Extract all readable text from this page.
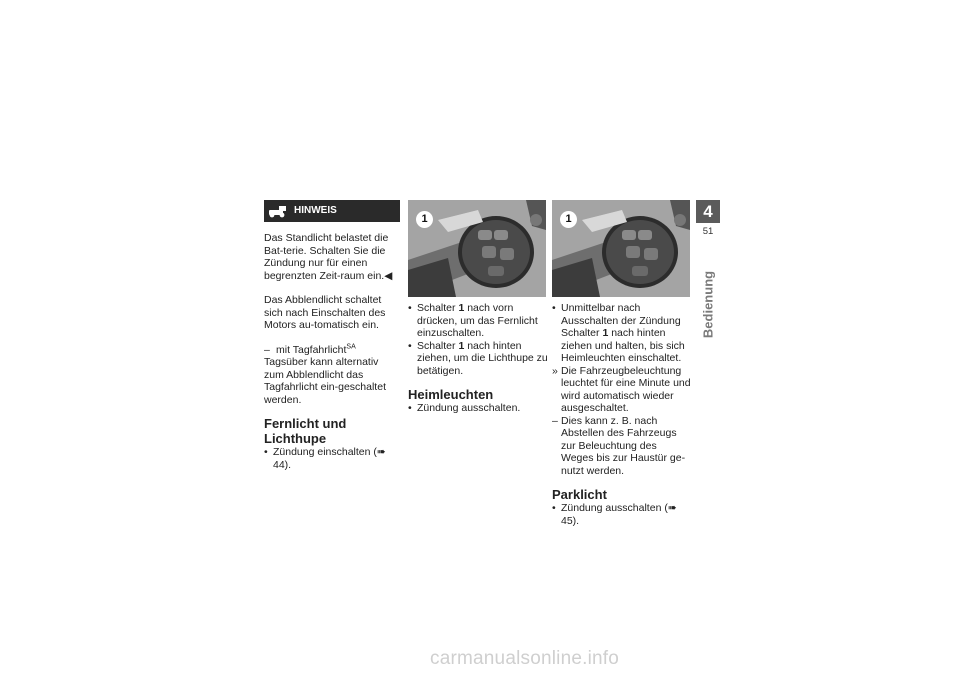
HINWEIS

Das Standlicht belastet die Bat-terie. Schalten Sie die Zündung nur für einen begrenzten Zeit-raum ein.◀

Das Abblendlicht schaltet sich nach Einschalten des Motors au-tomatisch ein.

– mit Tagfahrlicht$^{SA}$

Tagsüber kann alternativ zum Abblendlicht das Tagfahrlicht ein-geschaltet werden.

Fernlicht und Lichthupe
• Zündung einschalten (➠ 44).
1
• Schalter 1 nach vorn drücken, um das Fernlicht einzuschalten.
• Schalter 1 nach hinten ziehen, um die Lichthupe zu betätigen.
Heimleuchten
• Zündung ausschalten.
1
• Unmittelbar nach Ausschalten der Zündung Schalter 1 nach hinten ziehen und halten, bis sich Heimleuchten einschaltet.
» Die Fahrzeugbeleuchtung leuchtet für eine Minute und wird automatisch wieder ausgeschaltet.
– Dies kann z. B. nach Abstellen des Fahrzeugs zur Beleuchtung des Weges bis zur Haustür ge-nutzt werden.
Parklicht
• Zündung ausschalten (➠ 45).
4
51
Bedienung
carmanualsonline.info
